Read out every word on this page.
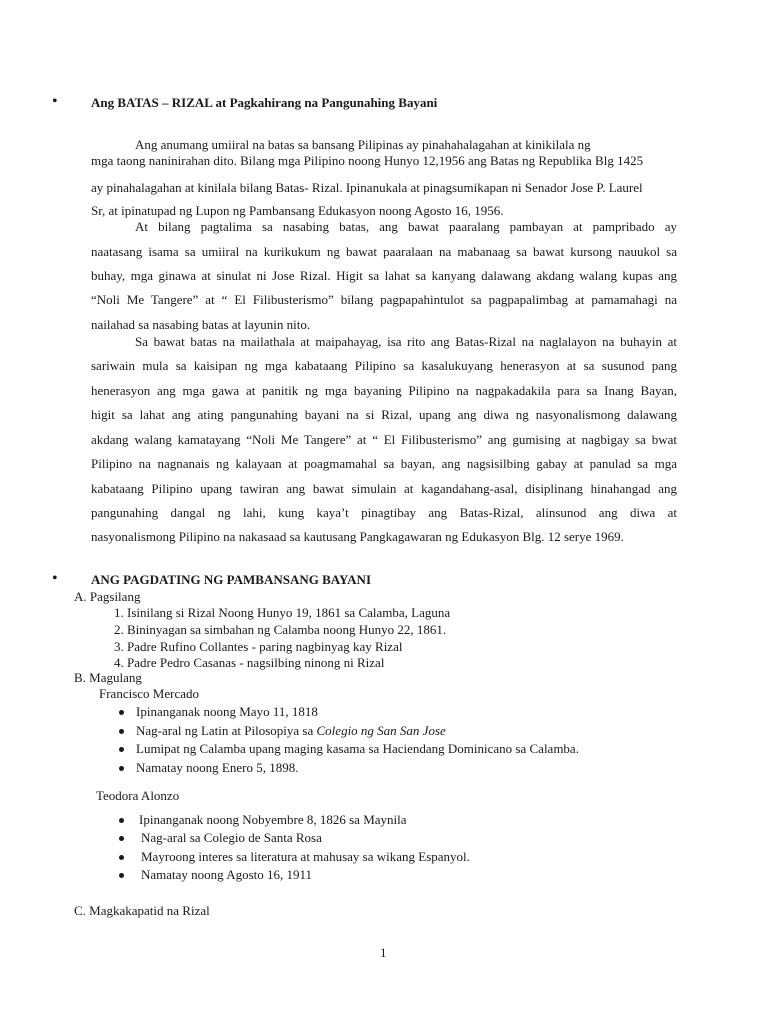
•	Ang BATAS – RIZAL at Pagkahirang na Pangunahing Bayani
Ang anumang umiiral na batas sa bansang Pilipinas ay pinahahalagahan at kinikilala ng
mga taong naninirahan dito. Bilang mga Pilipino noong Hunyo 12,1956 ang Batas ng Republika Blg 1425
ay pinahalagahan at kinilala bilang Batas- Rizal. Ipinanukala at pinagsumikapan ni Senador Jose P. Laurel
Sr, at ipinatupad ng Lupon ng Pambansang Edukasyon noong Agosto 16, 1956.
At bilang pagtalima sa nasabing batas, ang bawat paaralang pambayan at pampribado ay
naatasang isama sa umiiral na kurikukum ng bawat paaralaan na mabanaag sa bawat kursong nauukol sa
buhay, mga ginawa at sinulat ni Jose Rizal. Higit sa lahat sa kanyang dalawang akdang walang kupas ang
“Noli Me Tangere” at “ El Filibusterismo” bilang pagpapahintulot sa pagpapalimbag at pamamahagi na
nailahad sa nasabing batas at layunin nito.
Sa bawat batas na mailathala at maipahayag, isa rito ang Batas-Rizal na naglalayon na buhayin at
sariwain mula sa kaisipan ng mga kabataang Pilipino sa kasalukuyang henerasyon at sa susunod pang
henerasyon ang mga gawa at panitik ng mga bayaning Pilipino na nagpakadakila para sa Inang Bayan,
higit sa lahat ang ating pangunahing bayani na si Rizal, upang ang diwa ng nasyonalismong dalawang
akdang walang kamatayang “Noli Me Tangere” at “ El Filibusterismo” ang gumising at nagbigay sa bwat
Pilipino na nagnanais ng kalayaan at poagmamahal sa bayan, ang nagsisilbing gabay at panulad sa mga
kabataang Pilipino upang tawiran ang bawat simulain at kagandahang-asal, disiplinang hinahangad ang
pangunahing dangal ng lahi, kung kaya’t pinagtibay ang Batas-Rizal, alinsunod ang diwa at
nasyonalismong Pilipino na nakasaad sa kautusang Pangkagawaran ng Edukasyon Blg. 12 serye 1969.
•	ANG PAGDATING NG PAMBANSANG BAYANI
A. Pagsilang
1. Isinilang si Rizal Noong Hunyo 19, 1861 sa Calamba, Laguna
2. Bininyagan sa simbahan ng Calamba noong Hunyo 22, 1861.
3. Padre Rufino Collantes - paring nagbinyag kay Rizal
4. Padre Pedro Casanas - nagsilbing ninong ni Rizal
B. Magulang
Francisco Mercado
Ipinanganak noong Mayo 11, 1818
Nag-aral ng Latin at Pilosopiya sa Colegio ng San San Jose
Lumipat ng Calamba upang maging kasama sa Haciendang Dominicano sa Calamba.
Namatay noong Enero 5, 1898.
Teodora Alonzo
Ipinanganak noong Nobyembre 8, 1826 sa Maynila
Nag-aral sa Colegio de Santa Rosa
Mayroong interes sa literatura at mahusay sa wikang Espanyol.
Namatay noong Agosto 16, 1911
C. Magkakapatid na Rizal
1
